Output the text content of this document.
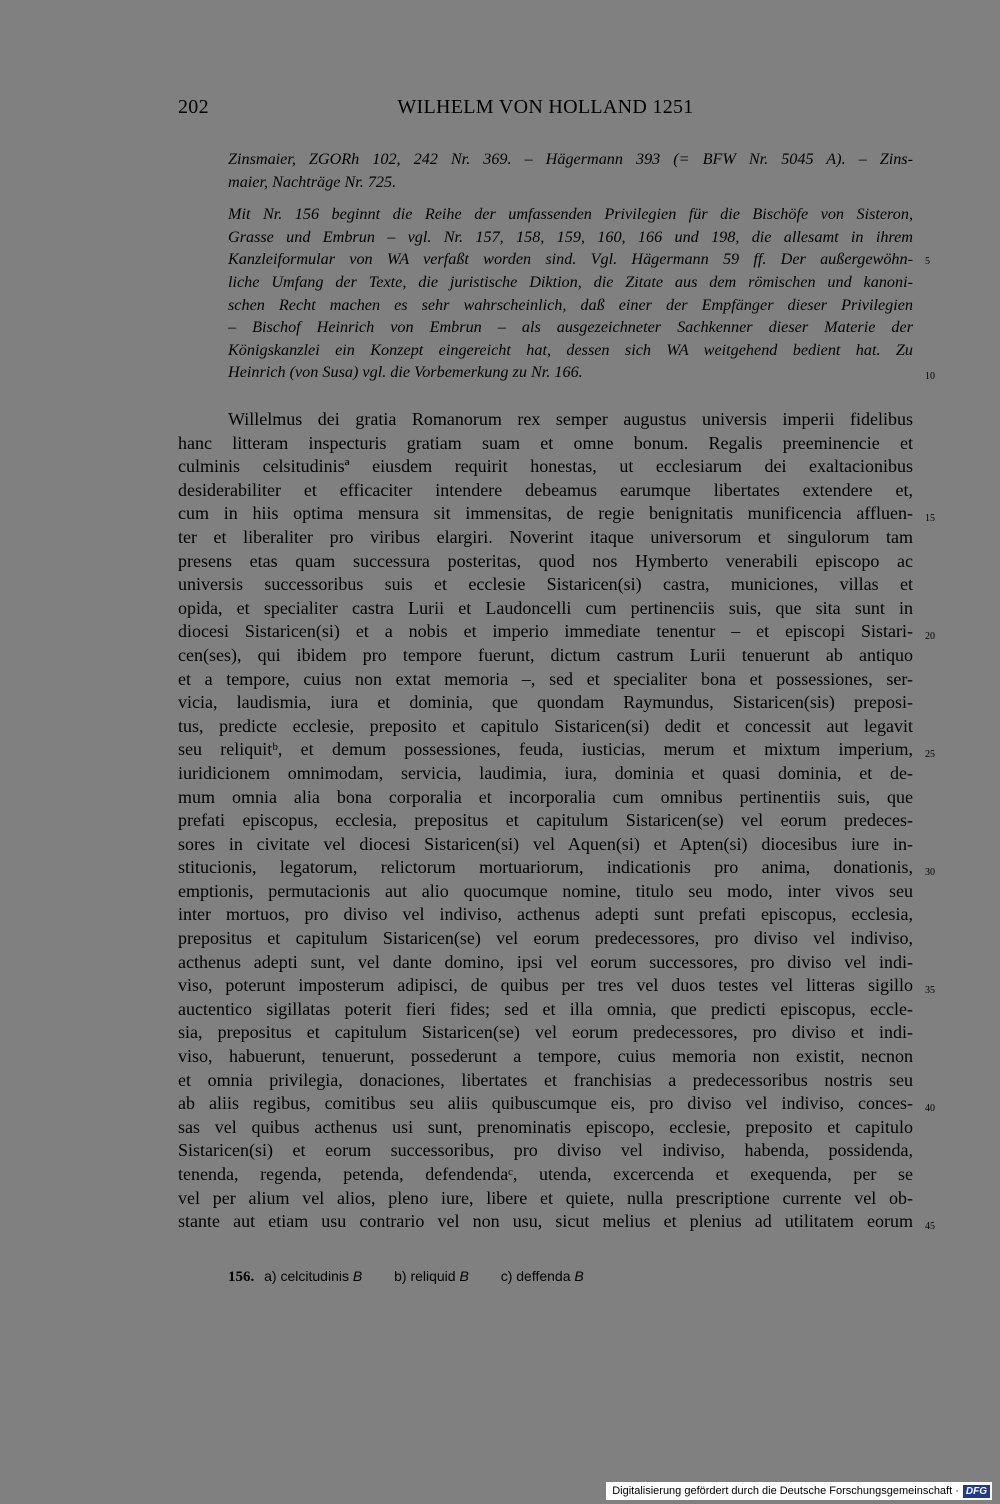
202	WILHELM VON HOLLAND 1251
Zinsmaier, ZGORh 102, 242 Nr. 369. – Hägermann 393 (= BFW Nr. 5045 A). – Zins-
maier, Nachträge Nr. 725.
Mit Nr. 156 beginnt die Reihe der umfassenden Privilegien für die Bischöfe von Sisteron,
Grasse und Embrun – vgl. Nr. 157, 158, 159, 160, 166 und 198, die allesamt in ihrem
Kanzleiformular von WA verfaßt worden sind. Vgl. Hägermann 59 ff. Der außergewöhn-
liche Umfang der Texte, die juristische Diktion, die Zitate aus dem römischen und kanoni-
schen Recht machen es sehr wahrscheinlich, daß einer der Empfänger dieser Privilegien
– Bischof Heinrich von Embrun – als ausgezeichneter Sachkenner dieser Materie der
Königskanzlei ein Konzept eingereicht hat, dessen sich WA weitgehend bedient hat. Zu
Heinrich (von Susa) vgl. die Vorbemerkung zu Nr. 166.
Willelmus dei gratia Romanorum rex semper augustus universis imperii fidelibus
hanc litteram inspecturis gratiam suam et omne bonum. Regalis preeminencie et
culminis celsitudinisª eiusdem requirit honestas, ut ecclesiarum dei exaltacionibus
desiderabiliter et efficaciter intendere debeamus earumque libertates extendere et,
cum in hiis optima mensura sit immensitas, de regie benignitatis munificencia affluen-
ter et liberaliter pro viribus elargiri. Noverint itaque universorum et singulorum tam
presens etas quam successura posteritas, quod nos Hymberto venerabili episcopo ac
universis successoribus suis et ecclesie Sistaricen(si) castra, municiones, villas et
opida, et specialiter castra Lurii et Laudoncelli cum pertinenciis suis, que sita sunt in
diocesi Sistaricen(si) et a nobis et imperio immediate tenentur – et episcopi Sistari-
cen(ses), qui ibidem pro tempore fuerunt, dictum castrum Lurii tenuerunt ab antiquo
et a tempore, cuius non extat memoria –, sed et specialiter bona et possessiones, ser-
vicia, laudismia, iura et dominia, que quondam Raymundus, Sistaricen(sis) preposi-
tus, predicte ecclesie, preposito et capitulo Sistaricen(si) dedit et concessit aut legavit
seu reliquitᵇ, et demum possessiones, feuda, iusticias, merum et mixtum imperium,
iuridicionem omnimodam, servicia, laudimia, iura, dominia et quasi dominia, et de-
mum omnia alia bona corporalia et incorporalia cum omnibus pertinentiis suis, que
prefati episcopus, ecclesia, prepositus et capitulum Sistaricen(se) vel eorum predeces-
sores in civitate vel diocesi Sistaricen(si) vel Aquen(si) et Apten(si) diocesibus iure in-
stitucionis, legatorum, relictorum mortuariorum, indicationis pro anima, donationis,
emptionis, permutacionis aut alio quocumque nomine, titulo seu modo, inter vivos seu
inter mortuos, pro diviso vel indiviso, acthenus adepti sunt prefati episcopus, ecclesia,
prepositus et capitulum Sistaricen(se) vel eorum predecessores, pro diviso vel indiviso,
acthenus adepti sunt, vel dante domino, ipsi vel eorum successores, pro diviso vel indi-
viso, poterunt imposterum adipisci, de quibus per tres vel duos testes vel litteras sigillo
auctentico sigillatas poterit fieri fides; sed et illa omnia, que predicti episcopus, eccle-
sia, prepositus et capitulum Sistaricen(se) vel eorum predecessores, pro diviso et indi-
viso, habuerunt, tenuerunt, possederunt a tempore, cuius memoria non existit, necnon
et omnia privilegia, donaciones, libertates et franchisias a predecessoribus nostris seu
ab aliis regibus, comitibus seu aliis quibuscumque eis, pro diviso vel indiviso, conces-
sas vel quibus acthenus usi sunt, prenominatis episcopo, ecclesie, preposito et capitulo
Sistaricen(si) et eorum successoribus, pro diviso vel indiviso, habenda, possidenda,
tenenda, regenda, petenda, defendendaᶜ, utenda, excercenda et exequenda, per se
vel per alium vel alios, pleno iure, libere et quiete, nulla prescriptione currente vel ob-
stante aut etiam usu contrario vel non usu, sicut melius et plenius ad utilitatem eorum
5
10
15
20
25
30
35
40
45
156. a) celcitudinis B b) reliquid B c) deffenda B
Digitalisierung gefördert durch die Deutsche Forschungsgemeinschaft · DFG
